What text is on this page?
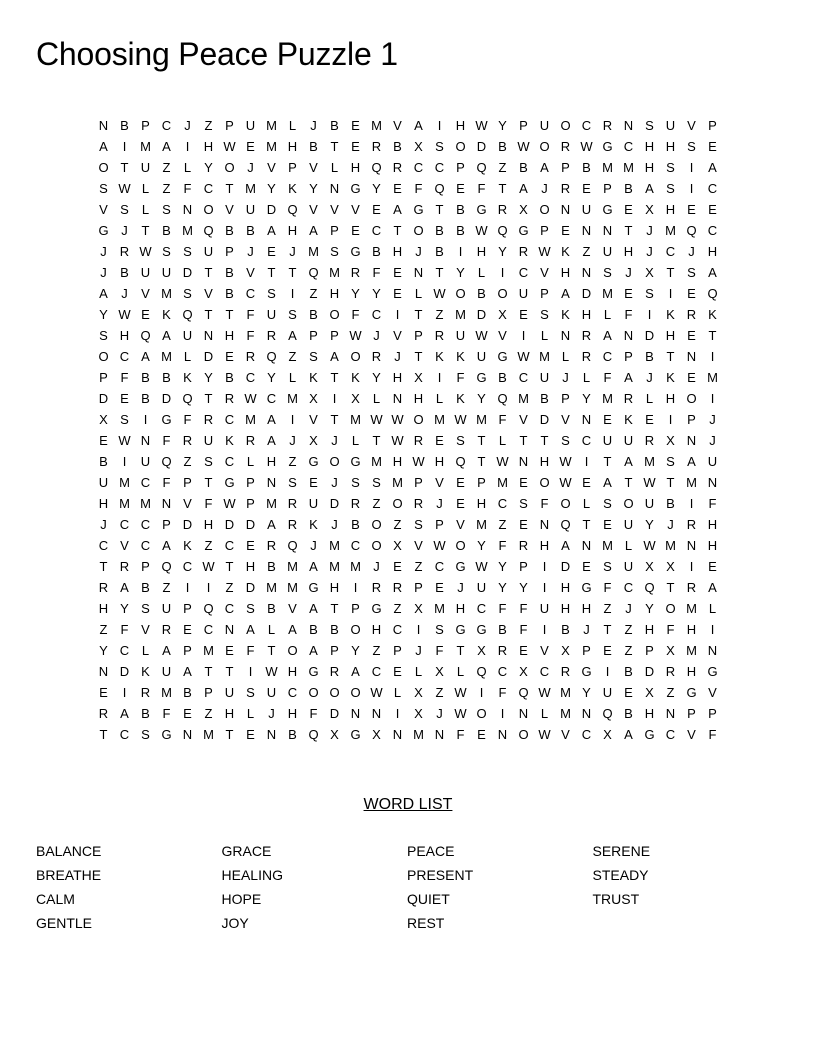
Choosing Peace Puzzle 1
N B P C	J	Z P U M L	J	B E M V A	I	H W Y P U O C R N S U V P
A	I	M A	I	H W E M H B T E R B X S O D B W O R W G C H H S E
O T U Z	L	Y O J	V P V	L H Q R C C P Q Z B A P B M M H S	I	A
S W L	Z	F C T M Y K Y N G Y E F Q E F	T A	J	R E P B A S	I	C
V S	L	S N O V U D Q V V V E A G T B G R X O N U G E X H E E
G J	T B M Q B B A H A P E C T O B B W Q G P E N N T	J M Q C
J	R W S S U P	J	E	J M S G B H	J	B	I	H Y R W K Z U H	J	C	J	H
J	B U U D T B V T	T Q M R F E N T Y	L	I	C V H N S	J	X T S A
A	J	V M S V B C S	I	Z H Y Y E	L W O B O U P A D M E S	I	E Q
Y W E K Q T	T	F U S B O F C	I	T	Z M D X E S K H L	F	I	K R K
S H Q A U N H F R A P P W J	V P R U W V	I	L N R A N D H E T
O C A M L D E R Q Z S A O R	J	T K K U G W M L R C P B T N	I
P F B B K Y B C Y	L	K T K Y H X	I	F G B C U	J	L	F A	J	K E M
D E B D Q T R W C M X	I	X	L N H L	K Y Q M B P Y M R L H O	I
X S	I	G F R C M A	I	V T M W W O M W M F V D V N E K E	I	P	J
E W N F R U K R A	J	X	J	L	T W R E S T	L	T	T S C U U R X N	J
B	I	U Q Z S C L H Z G O G M H W H Q T W N H W	I	T A M S A U
U M C F P T G P N S E	J	S S M P V E P M E O W E A T W T M N
H M M N V F W P M R U D R Z O R	J	E H C S F O L	S O U B	I	F
J	C C P D H D D A R K	J	B O Z S P V M Z E N Q T E U Y	J	R H
C V C A K Z C E R Q J M C O X V W O Y F R H A N M L W M N H
T R P Q C W T H B M A M M J	E Z C G W Y P	I	D E S U X X	I	E
R A B Z	I	I	Z D M M G H	I	R R P E	J	U Y Y	I	H G F C Q T R A
H Y S U P Q C S B V A T P G Z X M H C F	F U H H Z	J	Y O M L
Z	F V R E C N A	L	A B B O H C	I	S G G B F	I	B	J	T	Z H F H	I
Y C L	A P M E F	T O A P Y Z P	J	F	T X R E V X P E Z P X M N
N D K U A T	T	I	W H G R A C E	L	X	L Q C X C R G	I	B D R H G
E	I	R M B P U S U C O O O W L	X Z W	I	F Q W M Y U E X Z G V
R A B F E Z H L	J	H F D N N	I	X	J W O	I	N L M N Q B H N P P
T C S G N M T E N B Q X G X N M N F E N O W V C X A G C V F
WORD LIST
BALANCE	GRACE	PEACE	SERENE
BREATHE	HEALING	PRESENT	STEADY
CALM	HOPE	QUIET	TRUST
GENTLE	JOY	REST
